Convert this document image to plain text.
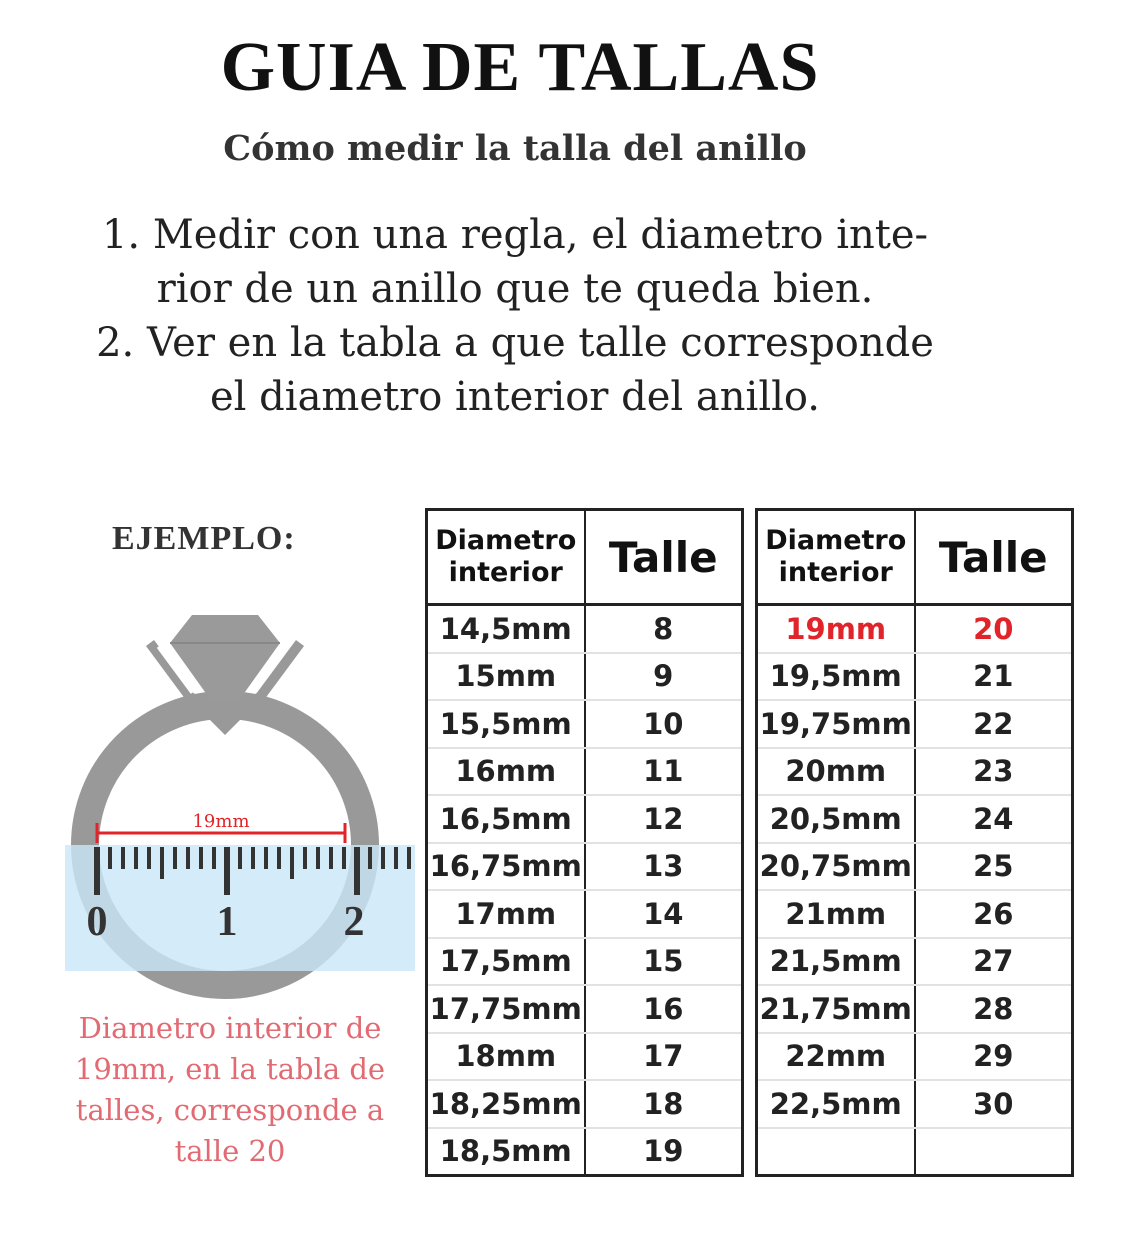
GUIA DE TALLAS
Cómo medir la talla del anillo
1. Medir con una regla, el diametro inte-
rior de un anillo que te queda bien.
2. Ver en la tabla a que talle corresponde
el diametro interior del anillo.
EJEMPLO:
19mm
0	1	2
Diametro interior de
19mm, en la tabla de
talles, corresponde a
talle 20
Diametro
interior	Talle
14,5mm	8
15mm	9
15,5mm	10
16mm	11
16,5mm	12
16,75mm	13
17mm	14
17,5mm	15
17,75mm	16
18mm	17
18,25mm	18
18,5mm	19
Diametro
interior	Talle
19mm	20
19,5mm	21
19,75mm	22
20mm	23
20,5mm	24
20,75mm	25
21mm	26
21,5mm	27
21,75mm	28
22mm	29
22,5mm	30
